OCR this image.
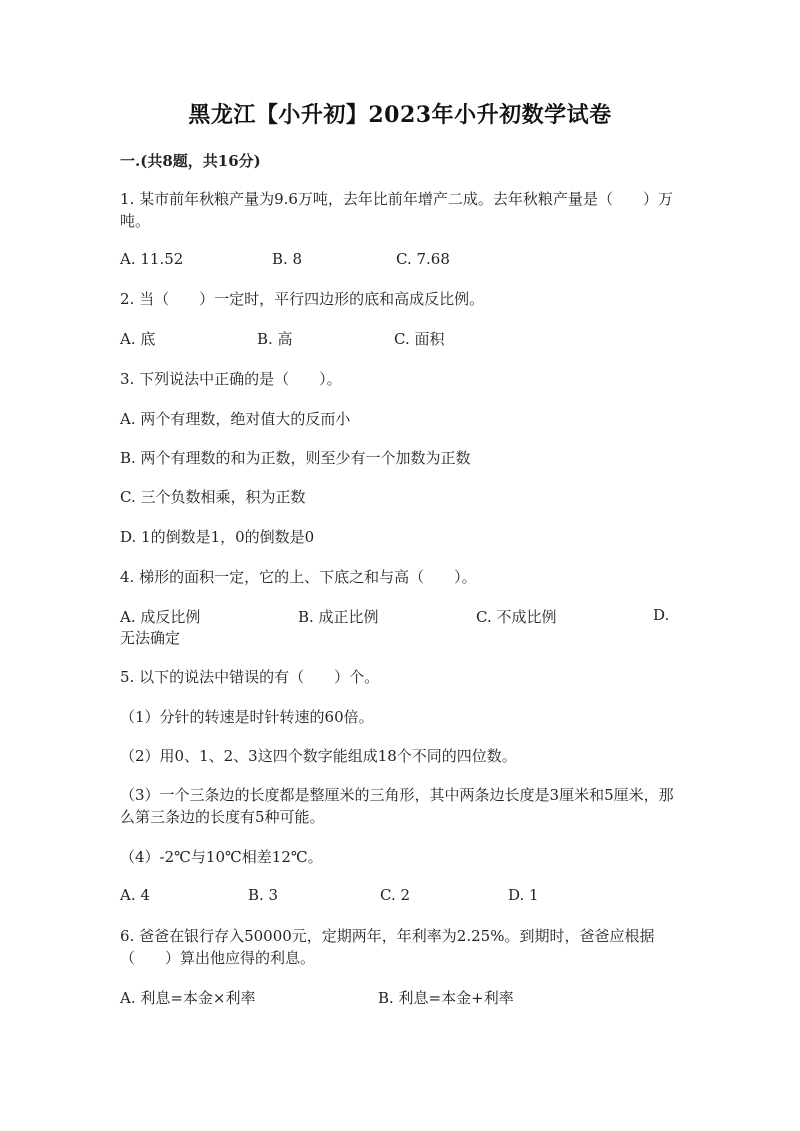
黑龙江【小升初】2023年小升初数学试卷
一.(共8题，共16分)
1. 某市前年秋粮产量为9.6万吨，去年比前年增产二成。去年秋粮产量是（　　）万吨。
A. 11.52	B. 8	C. 7.68
2. 当（　　）一定时，平行四边形的底和高成反比例。
A. 底	B. 高	C. 面积
3. 下列说法中正确的是（　　）。
A. 两个有理数，绝对值大的反而小
B. 两个有理数的和为正数，则至少有一个加数为正数
C. 三个负数相乘，积为正数
D. 1的倒数是1，0的倒数是0
4. 梯形的面积一定，它的上、下底之和与高（　　）。
A. 成反比例	B. 成正比例	C. 不成比例	D.
无法确定
5. 以下的说法中错误的有（　　）个。
（1）分针的转速是时针转速的60倍。
（2）用0、1、2、3这四个数字能组成18个不同的四位数。
（3）一个三条边的长度都是整厘米的三角形，其中两条边长度是3厘米和5厘米，那么第三条边的长度有5种可能。
（4）-2℃与10℃相差12℃。
A. 4	B. 3	C. 2	D. 1
6. 爸爸在银行存入50000元，定期两年，年利率为2.25%。到期时，爸爸应根据（　　）算出他应得的利息。
A. 利息=本金×利率	B. 利息=本金+利率
